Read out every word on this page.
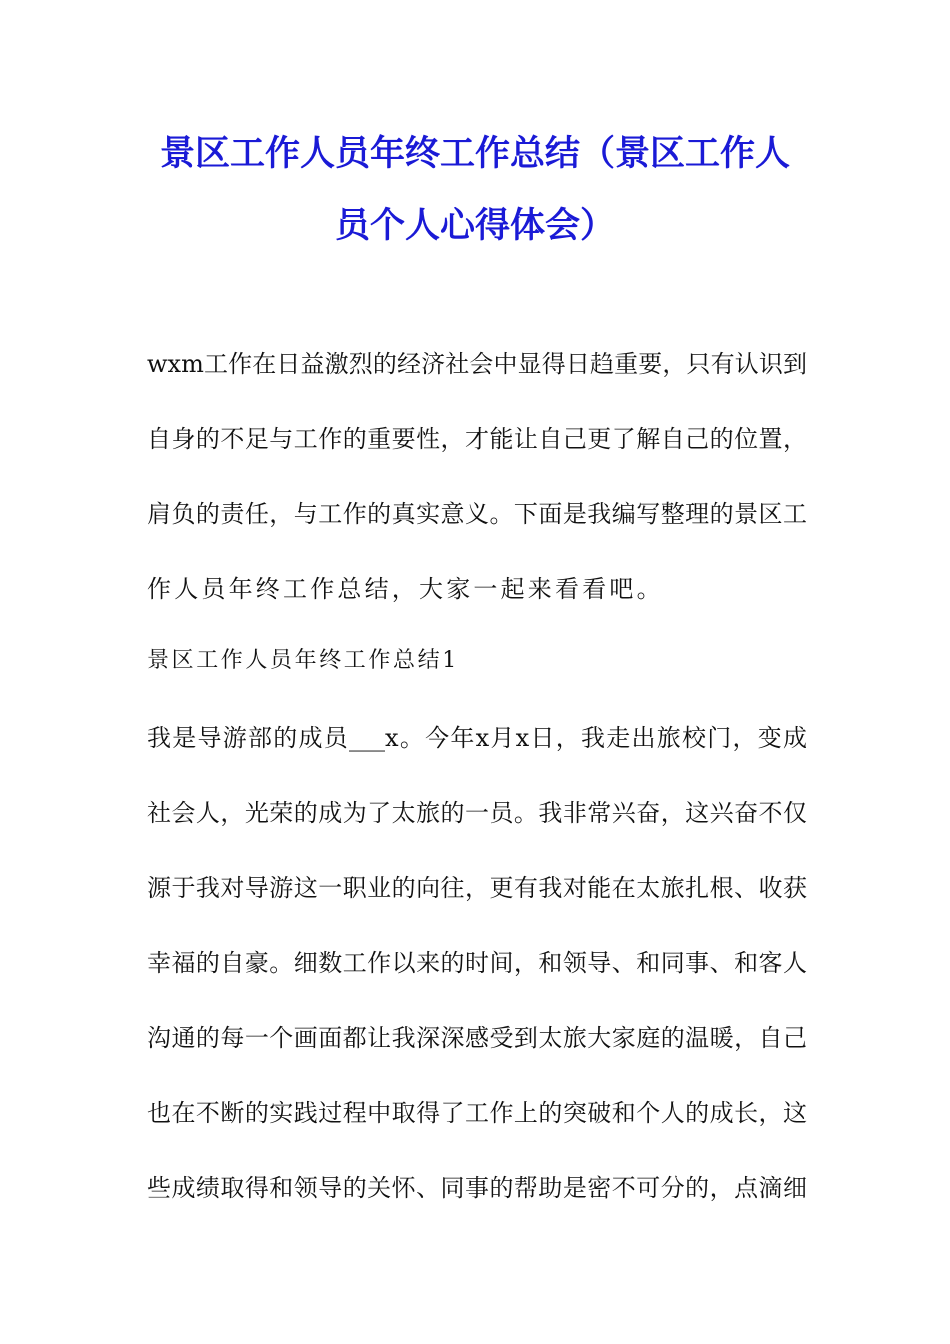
景区工作人员年终工作总结（景区工作人
员个人心得体会）
wxm工作在日益激烈的经济社会中显得日趋重要，只有认识到
自身的不足与工作的重要性，才能让自己更了解自己的位置，
肩负的责任，与工作的真实意义。下面是我编写整理的景区工
作人员年终工作总结，大家一起来看看吧。
景区工作人员年终工作总结1
我是导游部的成员___x。今年x月x日，我走出旅校门，变成
社会人，光荣的成为了太旅的一员。我非常兴奋，这兴奋不仅
源于我对导游这一职业的向往，更有我对能在太旅扎根、收获
幸福的自豪。细数工作以来的时间，和领导、和同事、和客人
沟通的每一个画面都让我深深感受到太旅大家庭的温暖，自己
也在不断的实践过程中取得了工作上的突破和个人的成长，这
些成绩取得和领导的关怀、同事的帮助是密不可分的，点滴细
